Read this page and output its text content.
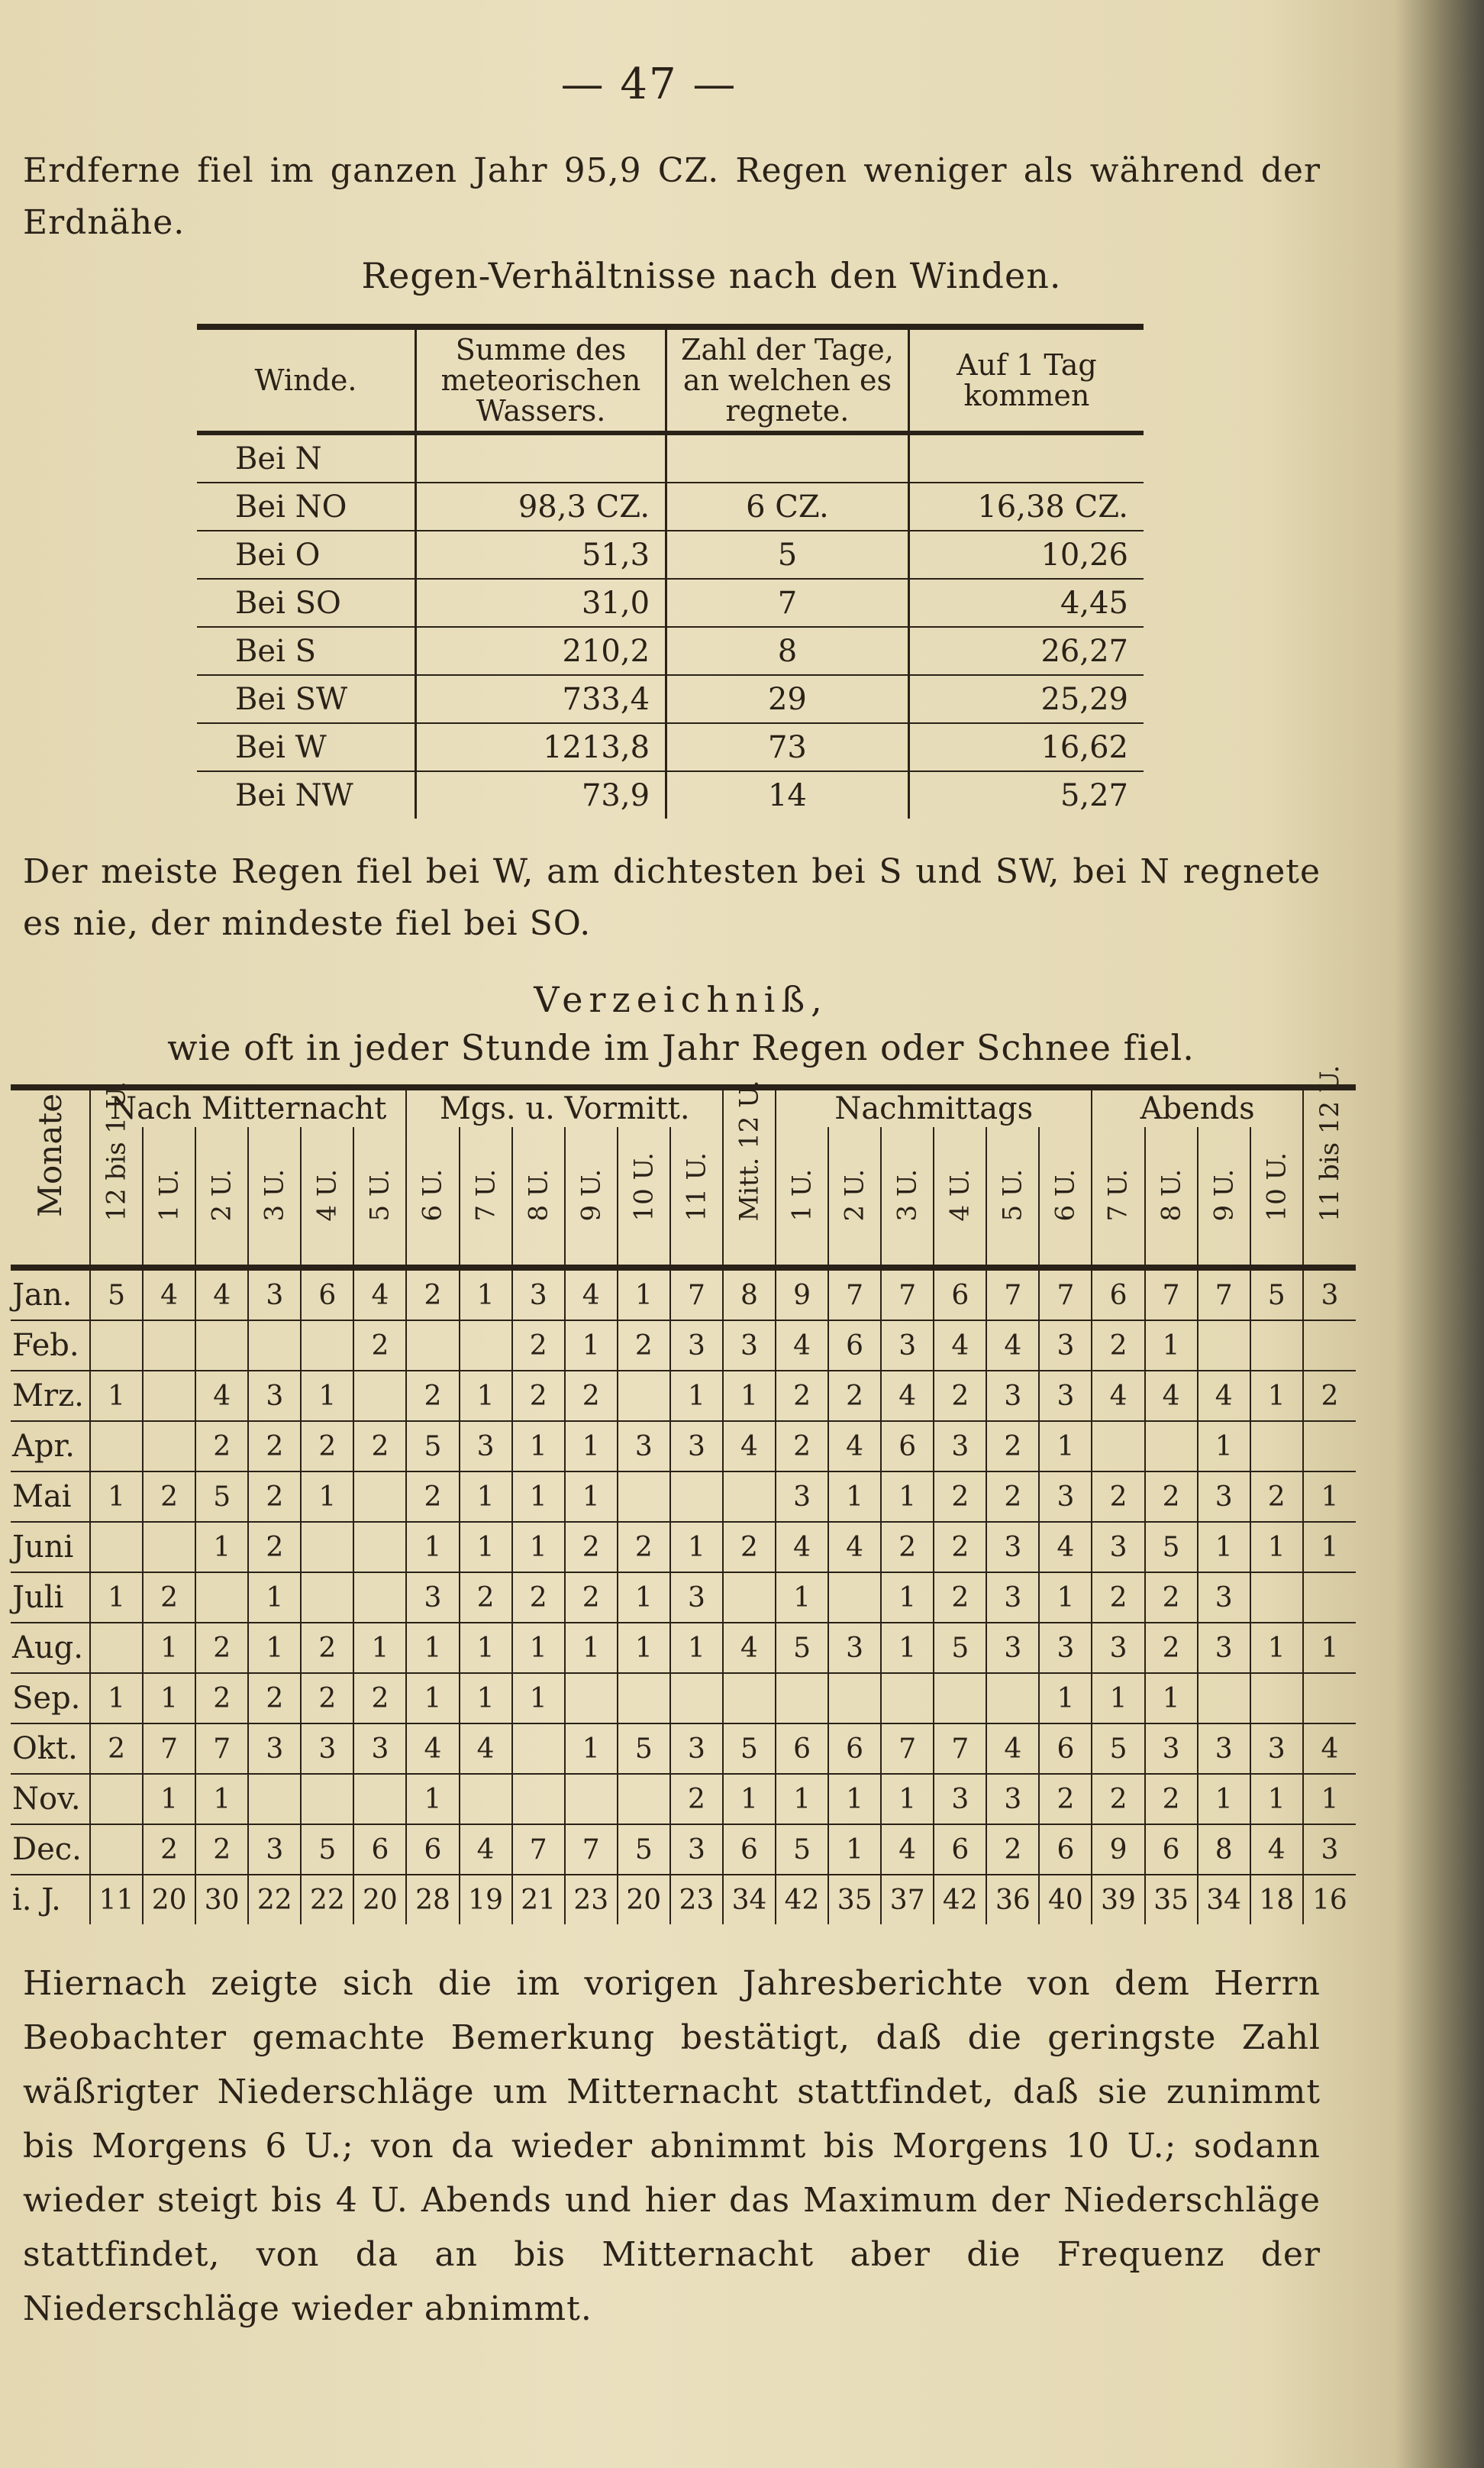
— 47 —
Erdferne fiel im ganzen Jahr 95,9 CZ. Regen weniger als während der Erdnähe.
Regen-Verhältnisse nach den Winden.
Winde.	Summe des meteorischen Wassers.	Zahl der Tage, an welchen es regnete.	Auf 1 Tag kommen
Bei N			
Bei NO	98,3 CZ.	6 CZ.	16,38 CZ.
Bei O	51,3	5	10,26
Bei SO	31,0	7	4,45
Bei S	210,2	8	26,27
Bei SW	733,4	29	25,29
Bei W	1213,8	73	16,62
Bei NW	73,9	14	5,27
Der meiste Regen fiel bei W, am dichtesten bei S und SW, bei N regnete es nie, der mindeste fiel bei SO.
Verzeichniß,
wie oft in jeder Stunde im Jahr Regen oder Schnee fiel.
Monate.	Nach Mitternacht						Mgs. u. Vormitt.							Nachmittags						Abends				

	12 bis 1 U.	1 U.	2 U.	3 U.	4 U.	5 U.	6 U.	7 U.	8 U.	9 U.	10 U.	11 U.	Mitt. 12 U.	1 U.	2 U.	3 U.	4 U.	5 U.	6 U.	7 U.	8 U.	9 U.	10 U.	11 bis 12 U.

Jan.	5	4	4	3	6	4	2	1	3	4	1	7	8	9	7	7	6	7	7	6	7	7	5	3
Feb.						2			2	1	2	3	3	4	6	3	4	4	3	2	1			
Mrz.	1		4	3	1		2	1	2	2		1	1	2	2	4	2	3	3	4	4	4	1	2
Apr.			2	2	2	2	5	3	1	1	3	3	4	2	4	6	3	2	1			1		
Mai	1	2	5	2	1		2	1	1	1				3	1	1	2	2	3	2	2	3	2	1
Juni			1	2			1	1	1	2	2	1	2	4	4	2	2	3	4	3	5	1	1	1
Juli	1	2		1			3	2	2	2	1	3		1		1	2	3	1	2	2	3		
Aug.		1	2	1	2	1	1	1	1	1	1	1	4	5	3	1	5	3	3	3	2	3	1	1
Sep.	1	1	2	2	2	2	1	1	1										1	1	1			
Okt.	2	7	7	3	3	3	4	4		1	5	3	5	6	6	7	7	4	6	5	3	3	3	4
Nov.		1	1				1					2	1	1	1	1	3	3	2	2	2	1	1	1
Dec.		2	2	3	5	6	6	4	7	7	5	3	6	5	1	4	6	2	6	9	6	8	4	3
i. J.	11	20	30	22	22	20	28	19	21	23	20	23	34	42	35	37	42	36	40	39	35	34	18	16
Hiernach zeigte sich die im vorigen Jahresberichte von dem Herrn Beobachter gemachte Bemerkung bestätigt, daß die geringste Zahl wäßrigter Niederschläge um Mitternacht stattfindet, daß sie zunimmt bis Morgens 6 U.; von da wieder abnimmt bis Morgens 10 U.; sodann wieder steigt bis 4 U. Abends und hier das Maximum der Niederschläge stattfindet, von da an bis Mitternacht aber die Frequenz der Niederschläge wieder abnimmt.
